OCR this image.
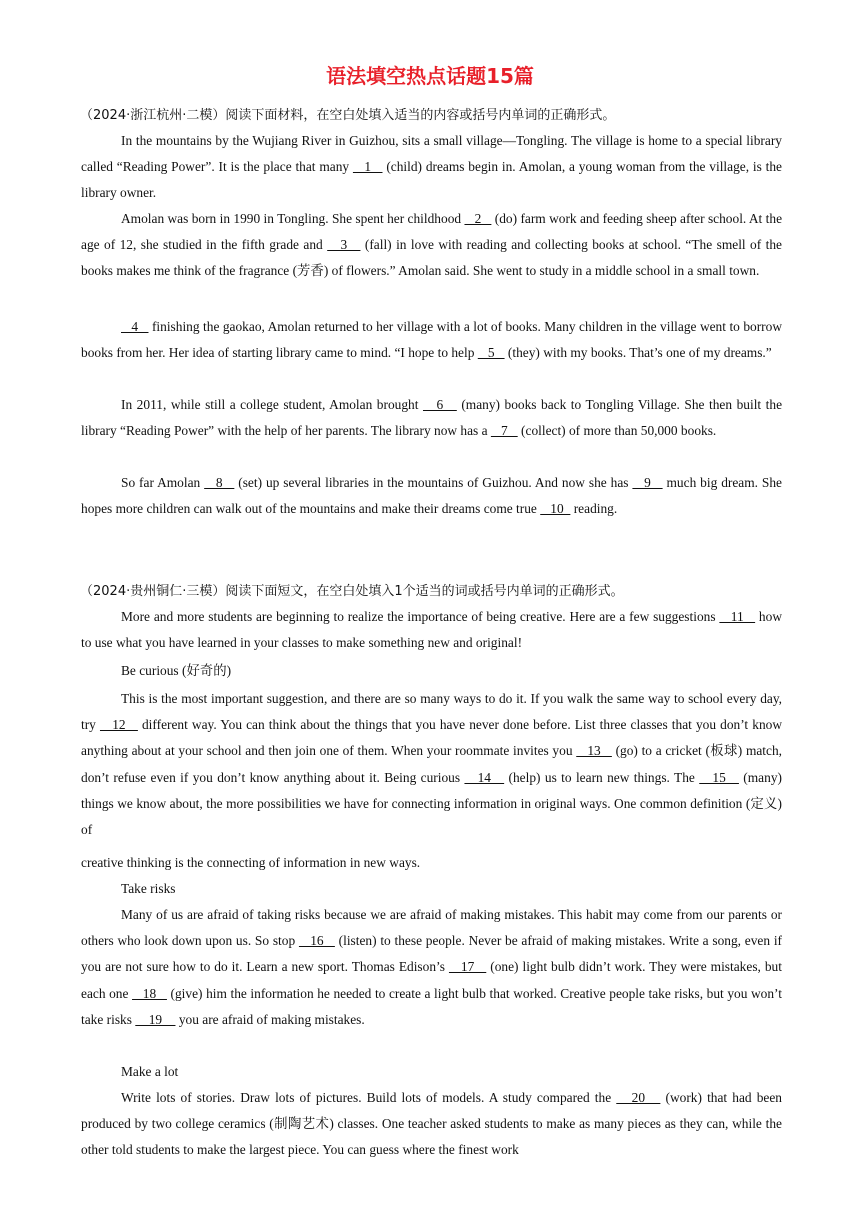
语法填空热点话题15篇
（2024·浙江杭州·二模）阅读下面材料，在空白处填入适当的内容或括号内单词的正确形式。

In the mountains by the Wujiang River in Guizhou, sits a small village—Tongling. The village is home to a special library called “Reading Power”. It is the place that many    1    (child) dreams begin in. Amolan, a young woman from the village, is the library owner.

Amolan was born in 1990 in Tongling. She spent her childhood    2    (do) farm work and feeding sheep after school. At the age of 12, she studied in the fifth grade and    3    (fall) in love with reading and collecting books at school. “The smell of the books makes me think of the fragrance (芳香) of flowers.” Amolan said. She went to study in a middle school in a small town.

4    finishing the gaokao, Amolan returned to her village with a lot of books. Many children in the village went to borrow books from her. Her idea of starting library came to mind. “I hope to help    5    (they) with my books. That’s one of my dreams.”

In 2011, while still a college student, Amolan brought    6    (many) books back to Tongling Village. She then built the library “Reading Power” with the help of her parents. The library now has a    7    (collect) of more than 50,000 books.

So far Amolan    8    (set) up several libraries in the mountains of Guizhou. And now she has    9    much big dream. She hopes more children can walk out of the mountains and make their dreams come true    10   reading.

（2024·贵州铜仁·三模）阅读下面短文，在空白处填入1个适当的词或括号内单词的正确形式。

More and more students are beginning to realize the importance of being creative. Here are a few suggestions    11    how to use what you have learned in your classes to make something new and original!

Be curious (好奇的)

This is the most important suggestion, and there are so many ways to do it. If you walk the same way to school every day, try    12    different way. You can think about the things that you have never done before. List three classes that you don’t know anything about at your school and then join one of them. When your roommate invites you    13    (go) to a cricket (板球) match, don’t refuse even if you don’t know anything about it. Being curious    14    (help) us to learn new things. The    15    (many) things we know about, the more possibilities we have for connecting information in original ways. One common definition (定义) of

creative thinking is the connecting of information in new ways.
Take risks

Many of us are afraid of taking risks because we are afraid of making mistakes. This habit may come from our parents or others who look down upon us. So stop    16    (listen) to these people. Never be afraid of making mistakes. Write a song, even if you are not sure how to do it. Learn a new sport. Thomas Edison’s    17    (one) light bulb didn’t work. They were mistakes, but each one    18    (give) him the information he needed to create a light bulb that worked. Creative people take risks, but you won’t take risks     19     you are afraid of making mistakes.

Make a lot

Write lots of stories. Draw lots of pictures. Build lots of models. A study compared the    20    (work) that had been produced by two college ceramics (制陶艺术) classes. One teacher asked students to make as many pieces as they can, while the other told students to make the largest piece. You can guess where the finest work
